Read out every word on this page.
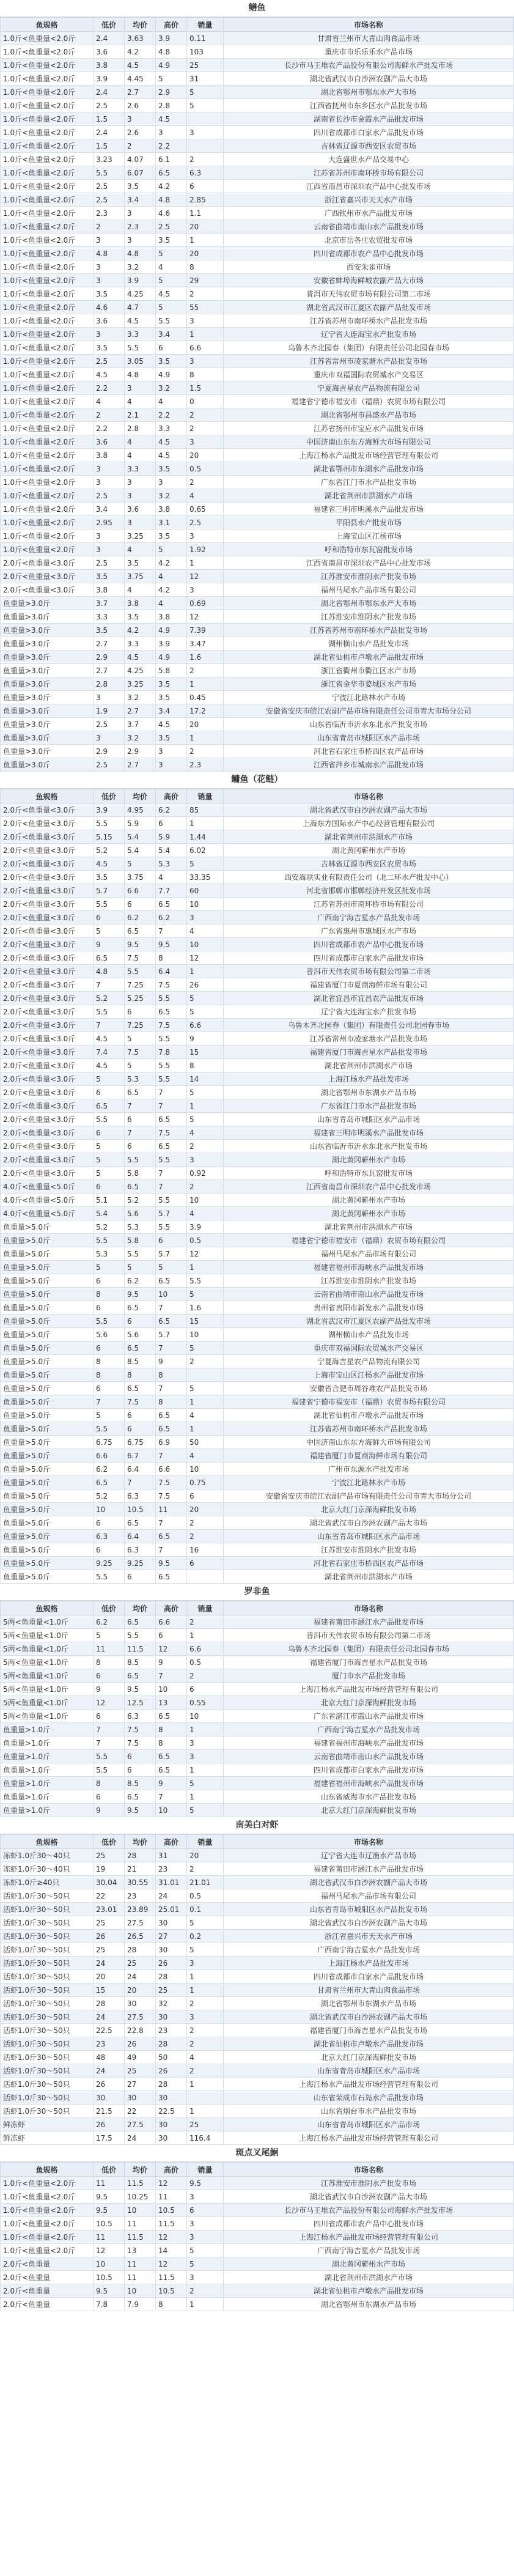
鳝鱼
鱼规格	低价	均价	高价	销量	市场名称
1.0斤<鱼重量<2.0斤	2.4	3.63	3.9	0.11	甘肃省兰州市大青山肉食品市场
1.0斤<鱼重量<2.0斤	3.6	4.2	4.8	103	重庆市市乐乐乐水产品市场
1.0斤<鱼重量<2.0斤	3.8	4.5	4.9	25	长沙市马王堆农产品股份有限公司海鲜水产批发市场
1.0斤<鱼重量<2.0斤	3.9	4.45	5	31	湖北省武汉市白沙洲农副产品大市场
1.0斤<鱼重量<2.0斤	2.4	2.7	2.9	5	湖北省鄂州市鄂东水产大市场
1.0斤<鱼重量<2.0斤	2.5	2.6	2.8	5	江西省抚州市东乡区水产品批发市场
1.0斤<鱼重量<2.0斤	1.5	3	4.5		湖南省长沙市金霞水产品批发市场
1.0斤<鱼重量<2.0斤	2.4	2.6	3	3	四川省成都市白家水产品批发市场
1.0斤<鱼重量<2.0斤	1.5	2	2.2		吉林省辽源市西安区农贸市场
1.0斤<鱼重量<2.0斤	3.23	4.07	6.1	2	大连盛世水产品交易中心
1.0斤<鱼重量<2.0斤	5.5	6.07	6.5	6.3	江苏省苏州市南环桥市场有限公司
1.0斤<鱼重量<2.0斤	2.5	3.5	4.2	6	江西省南昌市深圳农产品中心批发市场
1.0斤<鱼重量<2.0斤	2.5	3.4	4.8	2.85	浙江省嘉兴市天天水产市场
1.0斤<鱼重量<2.0斤	2.3	3	4.6	1.1	广西钦州市水产品批发市场
1.0斤<鱼重量<2.0斤	2	2.3	2.5	20	云南省曲靖市南山水产品批发市场
1.0斤<鱼重量<2.0斤	3	3	3.5	1	北京市岳各庄农贸批发市场
1.0斤<鱼重量<2.0斤	4.8	4.8	5	20	四川省成都市农产品中心批发市场
1.0斤<鱼重量<2.0斤	3	3.2	4	8	西安朱雀市场
1.0斤<鱼重量<2.0斤	3	3.9	5	29	安徽省蚌埠海鲜城农副产品大市场
1.0斤<鱼重量<2.0斤	3.5	4.25	4.5	2	普洱市天伟农贸市场有限公司第二市场
1.0斤<鱼重量<2.0斤	4.6	4.7	5	55	湖北省武汉市江夏区农副产品批发市场
1.0斤<鱼重量<2.0斤	3.6	4.5	5.5	3	江苏省苏州市南环桥水产品批发市场
1.0斤<鱼重量<2.0斤	3	3.3	3.4	1	辽宁省大连海宝水产批发市场
1.0斤<鱼重量<2.0斤	3.5	5.5	6	6.6	乌鲁木齐北园春（集团）有限责任公司北园春市场
1.0斤<鱼重量<2.0斤	2.5	3.05	3.5	3	江苏省常州市凌家塘水产品批发市场
1.0斤<鱼重量<2.0斤	4.5	4.8	4.9	8	重庆市双福国际农贸城水产交易区
1.0斤<鱼重量<2.0斤	2.2	3	3.2	1.5	宁夏海吉星农产品物流有限公司
1.0斤<鱼重量<2.0斤	4	4	4	0	福建省宁德市福安市（福鼎）农贸市场有限公司
1.0斤<鱼重量<2.0斤	2	2.1	2.2	2	湖北省鄂州市昌盛水产品市场
1.0斤<鱼重量<2.0斤	2.2	2.8	3.3	2	江苏省扬州市宝应水产品批发市场
1.0斤<鱼重量<2.0斤	3.6	4	4.5	3	中国济南山东东方海鲜大市场有限公司
1.0斤<鱼重量<2.0斤	3.8	4	4.5	20	上海江杨水产品批发市场经营管理有限公司
1.0斤<鱼重量<2.0斤	3	3.3	3.5	0.5	湖北省鄂州市东湖水产品批发市场
1.0斤<鱼重量<2.0斤	3	3	3	2	广东省江门市水产品批发市场
1.0斤<鱼重量<2.0斤	2.5	3	3.2	4	湖北省荆州市洪湖水产市场
1.0斤<鱼重量<2.0斤	3.4	3.6	3.8	0.65	福建省三明市明溪水产品批发市场
1.0斤<鱼重量<2.0斤	2.95	3	3.1	2.5	平阳县水产批发市场
1.0斤<鱼重量<2.0斤	3	3.25	3.5	3	上海宝山区江杨市场
1.0斤<鱼重量<2.0斤	3	4	5	1.92	呼和浩特市东瓦窑批发市场
2.0斤<鱼重量<3.0斤	2.5	3.5	4.2	1	江西省南昌市深圳农产品中心批发市场
2.0斤<鱼重量<3.0斤	3.5	3.75	4	12	江苏淮安市淮阴水产批发市场
2.0斤<鱼重量<3.0斤	3.8	4	4.2	3	福州马尾水产品市场有限公司
鱼重量>3.0斤	3.7	3.8	4	0.69	湖北省鄂州市鄂东水产大市场
鱼重量>3.0斤	3.3	3.5	3.8	12	江苏淮安市淮阴水产批发市场
鱼重量>3.0斤	3.5	4.2	4.9	7.39	江苏省苏州市南环桥水产品批发市场
鱼重量>3.0斤	2.7	3.3	3.9	3.47	湖州横山水产品批发市场
鱼重量>3.0斤	2.9	4.5	4.9	1.6	湖北省仙桃市卢墩水产品批发市场
鱼重量>3.0斤	2.7	4.25	5.8	2	浙江省衢州市衢江区水产市场
鱼重量>3.0斤	2.8	3.25	3.5	1	浙江省金华市婺城区水产市场
鱼重量>3.0斤	3	3.2	3.5	0.45	宁波江北路林水产市场
鱼重量>3.0斤	1.9	2.7	3.4	17.2	安徽省安庆市皖江农副产品市场有限责任公司市青大市场分公司
鱼重量>3.0斤	2.5	3.7	4.5	20	山东省临沂市沂水东北水产批发市场
鱼重量>3.0斤	3	3.2	3.5	1	山东省青岛市城阳区水产品市场
鱼重量>3.0斤	2.9	2.9	3	2	河北省石家庄市桥西区农产品市场
鱼重量>3.0斤	2.5	2.7	3	2.3	江西省萍乡市城南水产品批发市场
鳙鱼（花鲢）
鱼规格	低价	均价	高价	销量	市场名称
2.0斤<鱼重量<3.0斤	3.9	4.95	6.2	85	湖北省武汉市白沙洲农副产品大市场
2.0斤<鱼重量<3.0斤	5.5	5.9	6	1	上海东方国际水产中心经营管理有限公司
2.0斤<鱼重量<3.0斤	5.15	5.4	5.9	1.44	湖北省荆州市洪湖水产市场
2.0斤<鱼重量<3.0斤	5.2	5.4	5.4	6.02	湖北黄冈蕲州水产市场
2.0斤<鱼重量<3.0斤	4.5	5	5.3	5	吉林省辽源市西安区农贸市场
2.0斤<鱼重量<3.0斤	3.5	3.75	4	33.35	西安海联实业有限责任公司（北二环水产批发中心）
2.0斤<鱼重量<3.0斤	5.7	6.6	7.7	60	河北省邯郸市邯郸经济开发区批发市场
2.0斤<鱼重量<3.0斤	5.5	6	6.5	10	江苏省苏州市南环桥市场有限公司
2.0斤<鱼重量<3.0斤	6	6.2	6.2	3	广西南宁海吉星水产品批发市场
2.0斤<鱼重量<3.0斤	5	6.5	7	4	广东省惠州市惠城区水产市场
2.0斤<鱼重量<3.0斤	9	9.5	9.5	10	四川省成都市农产品中心批发市场
2.0斤<鱼重量<3.0斤	6.5	7.5	8	12	四川省成都市白家水产品批发市场
2.0斤<鱼重量<3.0斤	4.8	5.5	6.4	1	普洱市天伟农贸市场有限公司第二市场
2.0斤<鱼重量<3.0斤	7	7.25	7.5	26	福建省厦门市夏商海鲜市场有限公司
2.0斤<鱼重量<3.0斤	5.2	5.25	5.5	5	湖北省宜昌市宜昌农产品批发市场
2.0斤<鱼重量<3.0斤	5.5	6	6.5	5	辽宁省大连海宝水产批发市场
2.0斤<鱼重量<3.0斤	7	7.25	7.5	6.6	乌鲁木齐北园春（集团）有限责任公司北园春市场
2.0斤<鱼重量<3.0斤	4.5	5	5.5	9	江苏省常州市凌家塘水产品批发市场
2.0斤<鱼重量<3.0斤	7.4	7.5	7.8	15	福建省厦门市海吉星水产品批发市场
2.0斤<鱼重量<3.0斤	4.5	5	5.5	8	湖北省荆州市洪湖水产市场
2.0斤<鱼重量<3.0斤	5	5.3	5.5	14	上海江杨水产品批发市场
2.0斤<鱼重量<3.0斤	6	6.5	7	5	湖北省鄂州市东湖水产品市场
2.0斤<鱼重量<3.0斤	6.5	7	7	1	广东省江门市水产品批发市场
2.0斤<鱼重量<3.0斤	5.5	6	6.5	5	山东省青岛市城阳区水产品市场
2.0斤<鱼重量<3.0斤	6	7	7.5	4	福建省三明市明溪水产品批发市场
2.0斤<鱼重量<3.0斤	5	6	6.5	2	山东省临沂市沂水东北水产批发市场
2.0斤<鱼重量<3.0斤	5	5.5	5.5	3	湖北黄冈蕲州水产市场
2.0斤<鱼重量<3.0斤	5	5.8	7	0.92	呼和浩特市东瓦窑批发市场
4.0斤<鱼重量<5.0斤	6	6.5	7	2	江西省南昌市深圳农产品中心批发市场
4.0斤<鱼重量<5.0斤	5.1	5.2	5.5	10	湖北黄冈蕲州水产市场
4.0斤<鱼重量<5.0斤	5.4	5.6	5.7	4	湖北黄冈蕲州水产市场
鱼重量>5.0斤	5.2	5.3	5.5	3.9	湖北省荆州市洪湖水产市场
鱼重量>5.0斤	5.5	5.8	6	0.5	福建省宁德市福安市（福鼎）农贸市场有限公司
鱼重量>5.0斤	5.3	5.5	5.7	12	福州马尾水产品市场有限公司
鱼重量>5.0斤	5	5	5	1	福建省福州市海峡水产品批发市场
鱼重量>5.0斤	6	6.2	6.5	5.5	江苏淮安市淮阴水产批发市场
鱼重量>5.0斤	8	9.5	10	5	云南省曲靖市南山水产品批发市场
鱼重量>5.0斤	6	6.5	7	1.6	贵州省贵阳市新发水产品批发市场
鱼重量>5.0斤	5.5	6	6.5	15	湖北省武汉市江夏区农副产品批发市场
鱼重量>5.0斤	5.6	5.6	5.7	10	湖州横山水产品批发市场
鱼重量>5.0斤	6	6.5	7	5	重庆市双福国际农贸城水产交易区
鱼重量>5.0斤	8	8.5	9	2	宁夏海吉星农产品物流有限公司
鱼重量>5.0斤	8	8	8		上海市宝山区江杨水产品批发市场
鱼重量>5.0斤	6	6.5	7	5	安徽省合肥市周谷堆农产品批发市场
鱼重量>5.0斤	7	7.5	8	1	福建省宁德市福安市（福鼎）农贸市场有限公司
鱼重量>5.0斤	5	6	6.5	4	湖北省仙桃市卢墩水产品批发市场
鱼重量>5.0斤	5.5	6	6.5	1	江苏省苏州市南环桥水产品批发市场
鱼重量>5.0斤	6.75	6.75	6.9	50	中国济南山东东方海鲜大市场有限公司
鱼重量>5.0斤	6.6	6.7	7	4	福建省厦门市夏商海鲜市场有限公司
鱼重量>5.0斤	6.2	6.4	6.6	10	广州市东源水产批发市场
鱼重量>5.0斤	6.5	7	7.5	0.75	宁波江北路林水产市场
鱼重量>5.0斤	5.2	6.3	7.5	6	安徽省安庆市皖江农副产品市场有限责任公司市青大市场分公司
鱼重量>5.0斤	10	10.5	11	20	北京大红门京深海鲜批发市场
鱼重量>5.0斤	6	6.5	7	2	湖北省武汉市白沙洲农副产品大市场
鱼重量>5.0斤	6.3	6.4	6.5	2	山东省青岛市城阳区水产品市场
鱼重量>5.0斤	6	6.3	7	16	江苏淮安市淮阴水产批发市场
鱼重量>5.0斤	9.25	9.25	9.5	6	河北省石家庄市桥西区农产品市场
鱼重量>5.0斤	5.5	6	6.5		湖北省荆州市洪湖水产市场
罗非鱼
鱼规格	低价	均价	高价	销量	市场名称
5两<鱼重量<1.0斤	6.2	6.5	6.6	2	福建省莆田市涵江水产品批发市场
5两<鱼重量<1.0斤	5	5.5	6	1	普洱市天伟农贸市场有限公司第二市场
5两<鱼重量<1.0斤	11	11.5	12	6.6	乌鲁木齐北园春（集团）有限责任公司北园春市场
5两<鱼重量<1.0斤	8	8.5	9	0.5	福建省厦门市海吉星水产品批发市场
5两<鱼重量<1.0斤	6	6.5	7	2	厦门市水产品批发市场
5两<鱼重量<1.0斤	9	9.5	10	6	上海江杨水产品批发市场经营管理有限公司
5两<鱼重量<1.0斤	12	12.5	13	0.55	北京大红门京深海鲜批发市场
5两<鱼重量<1.0斤	6	6.3	6.5	10	广东省湛江市霞山水产品批发市场
鱼重量>1.0斤	7	7.5	8	1	广西南宁海吉星水产品批发市场
鱼重量>1.0斤	7	7.5	8	3	福建省福州市海峡水产品批发市场
鱼重量>1.0斤	5.5	6	6.5	3	云南省曲靖市南山水产品批发市场
鱼重量>1.0斤	5.5	6	6.5	1	四川省成都市白家水产品批发市场
鱼重量>1.0斤	8	8.5	9	5	福建省福州市海峡水产品批发市场
鱼重量>1.0斤	6	6.5	7	1	山东省威海市水产品批发市场
鱼重量>1.0斤	9	9.5	10	5	北京大红门京深海鲜批发市场
南美白对虾
鱼规格	低价	均价	高价	销量	市场名称
冻虾1.0斤30～40只	25	28	31	20	辽宁省大连市辽渔水产品市场
冻虾1.0斤30～40只	19	21	23	2	福建省莆田市涵江水产品批发市场
冻虾1.0斤≥40只	30.04	30.55	31.01	21.01	湖北省武汉市白沙洲农副产品大市场
活虾1.0斤30～50只	22	23	24	0.5	福州马尾水产品市场有限公司
活虾1.0斤30～50只	23.01	23.89	25.01	0.1	山东省青岛市城阳区水产品批发市场
活虾1.0斤30～50只	25	27.5	30	5	湖北省武汉市白沙洲农副产品大市场
活虾1.0斤30～50只	26	26.5	27	0.2	浙江省嘉兴市天天水产市场
活虾1.0斤30～50只	25	28	30	5	广西南宁海吉星水产品批发市场
活虾1.0斤30～50只	24	25	26	3	上海江杨水产品批发市场
活虾1.0斤30～50只	20	24	28	1	四川省成都市白家水产品批发市场
活虾1.0斤30～50只	15	20	25	1	甘肃省兰州市大青山肉食品市场
活虾1.0斤30～50只	28	30	32	2	湖北省鄂州市东湖水产品市场
活虾1.0斤30～50只	24	27.5	30	3	湖北省武汉市白沙洲农副产品大市场
活虾1.0斤30～50只	22.5	22.8	23	2	福建省厦门市海吉星水产品批发市场
活虾1.0斤30～50只	23	26	28	2	湖北省仙桃市卢墩水产品批发市场
活虾1.0斤30～50只	48	49	50	4	北京大红门京深海鲜批发市场
活虾1.0斤30～50只	24	25	26	2	山东省青岛市城阳区水产品市场
活虾1.0斤30～50只	26	27	28	1	上海江杨水产品批发市场经营管理有限公司
活虾1.0斤30～50只	30	30	30		山东省荣成市石岛水产品批发市场
活虾1.0斤30～50只	21.5	22	22.5	1	山东省烟台市水产品批发市场
鲜冻虾	26	27.5	30	25	山东省青岛市城阳区水产品市场
鲜冻虾	17.5	24	30	116.4	上海江杨水产品批发市场经营管理有限公司
斑点叉尾鮰
鱼规格	低价	均价	高价	销量	市场名称
1.0斤<鱼重量<2.0斤	11	11.5	12	9.5	江苏淮安市淮阴水产批发市场
1.0斤<鱼重量<2.0斤	9.5	10.25	11	3	湖北省武汉市白沙洲农副产品大市场
1.0斤<鱼重量<2.0斤	9.5	10	10.5	6	长沙市马王堆农产品股份有限公司海鲜水产批发市场
1.0斤<鱼重量<2.0斤	10.5	11	11.5	3	四川省成都市农产品中心批发市场
1.0斤<鱼重量<2.0斤	11	11.5	12	3	上海江杨水产品批发市场经营管理有限公司
1.0斤<鱼重量<2.0斤	12	13	14	5	广西南宁海吉星水产品批发市场
2.0斤<鱼重量	10	11	12	5	湖北黄冈蕲州水产市场
2.0斤<鱼重量	10.5	11	11.5	3	湖北省荆州市洪湖水产市场
2.0斤<鱼重量	9.5	10	10.5	2	湖北省仙桃市卢墩水产品批发市场
2.0斤<鱼重量	7.8	7.9	8	1	湖北省鄂州市东湖水产品市场
